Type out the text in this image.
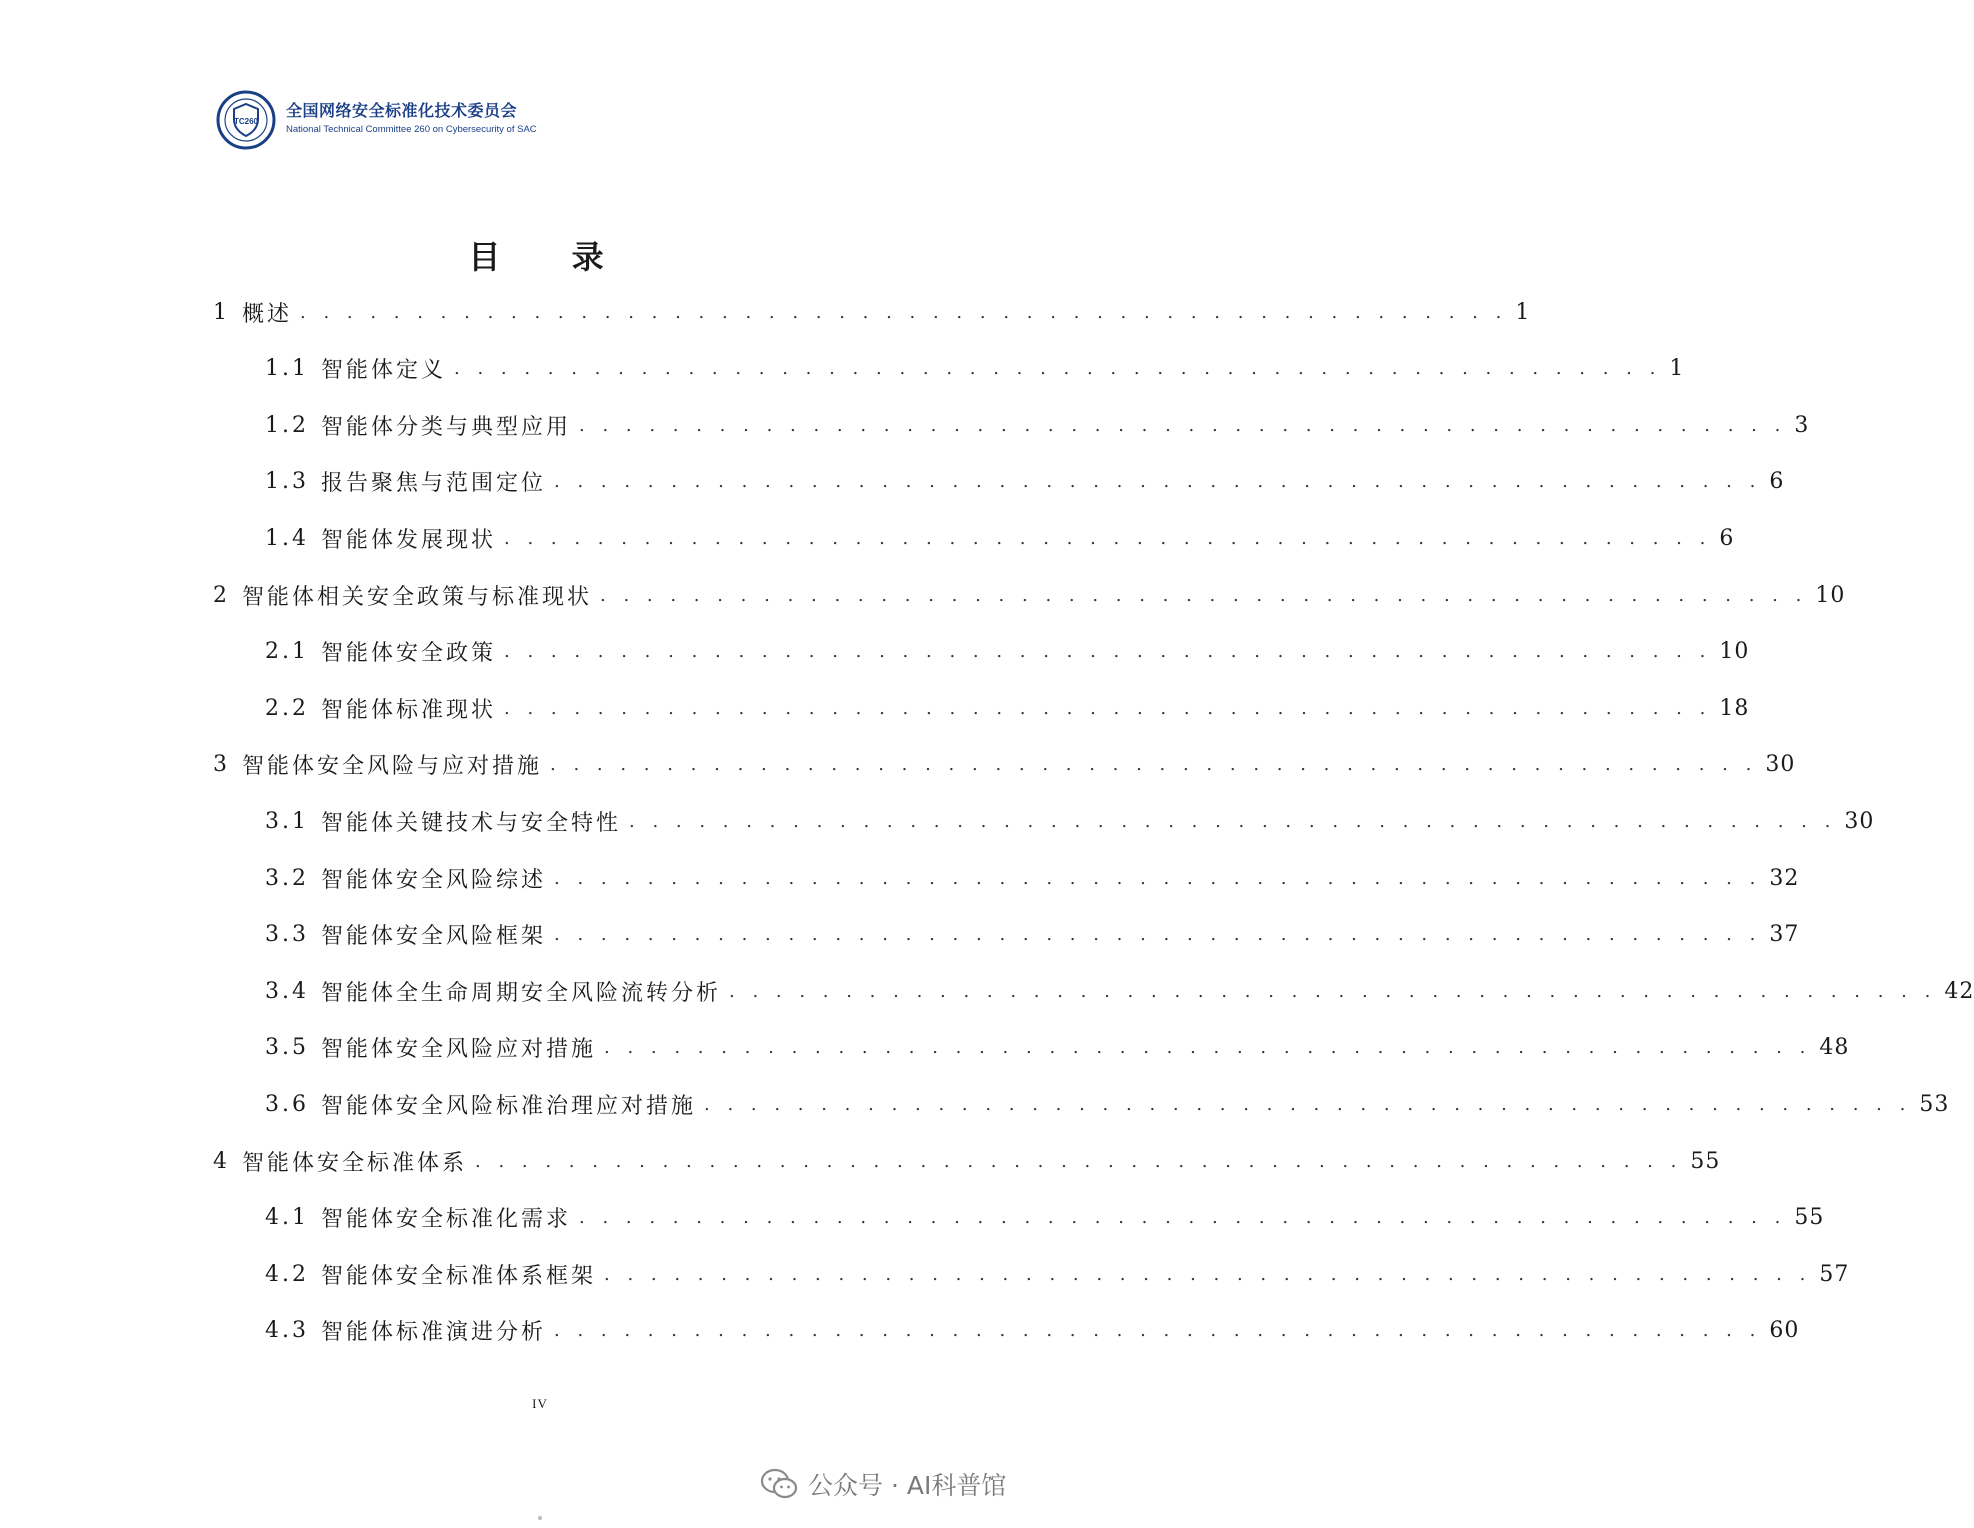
TC260
全国网络安全标准化技术委员会
National Technical Committee 260 on Cybersecurity of SAC
目 录
1 概述 . . . . . . . . . . . . . . . . . . . . . . . . . . . . . . . . . . . . . . . . . . . . . . . . . . . . 1
1.1 智能体定义 . . . . . . . . . . . . . . . . . . . . . . . . . . . . . . . . . . . . . . . . . . . . . . . . . . . . 1
1.2 智能体分类与典型应用 . . . . . . . . . . . . . . . . . . . . . . . . . . . . . . . . . . . . . . . . . . . . . . . . . . . . 3
1.3 报告聚焦与范围定位 . . . . . . . . . . . . . . . . . . . . . . . . . . . . . . . . . . . . . . . . . . . . . . . . . . . . 6
1.4 智能体发展现状 . . . . . . . . . . . . . . . . . . . . . . . . . . . . . . . . . . . . . . . . . . . . . . . . . . . . 6
2 智能体相关安全政策与标准现状 . . . . . . . . . . . . . . . . . . . . . . . . . . . . . . . . . . . . . . . . . . . . . . . . . . . . 10
2.1 智能体安全政策 . . . . . . . . . . . . . . . . . . . . . . . . . . . . . . . . . . . . . . . . . . . . . . . . . . . . 10
2.2 智能体标准现状 . . . . . . . . . . . . . . . . . . . . . . . . . . . . . . . . . . . . . . . . . . . . . . . . . . . . 18
3 智能体安全风险与应对措施 . . . . . . . . . . . . . . . . . . . . . . . . . . . . . . . . . . . . . . . . . . . . . . . . . . . . 30
3.1 智能体关键技术与安全特性 . . . . . . . . . . . . . . . . . . . . . . . . . . . . . . . . . . . . . . . . . . . . . . . . . . . . 30
3.2 智能体安全风险综述 . . . . . . . . . . . . . . . . . . . . . . . . . . . . . . . . . . . . . . . . . . . . . . . . . . . . 32
3.3 智能体安全风险框架 . . . . . . . . . . . . . . . . . . . . . . . . . . . . . . . . . . . . . . . . . . . . . . . . . . . . 37
3.4 智能体全生命周期安全风险流转分析 . . . . . . . . . . . . . . . . . . . . . . . . . . . . . . . . . . . . . . . . . . . . . . . . . . . . 42
3.5 智能体安全风险应对措施 . . . . . . . . . . . . . . . . . . . . . . . . . . . . . . . . . . . . . . . . . . . . . . . . . . . . 48
3.6 智能体安全风险标准治理应对措施 . . . . . . . . . . . . . . . . . . . . . . . . . . . . . . . . . . . . . . . . . . . . . . . . . . . . 53
4 智能体安全标准体系 . . . . . . . . . . . . . . . . . . . . . . . . . . . . . . . . . . . . . . . . . . . . . . . . . . . . 55
4.1 智能体安全标准化需求 . . . . . . . . . . . . . . . . . . . . . . . . . . . . . . . . . . . . . . . . . . . . . . . . . . . . 55
4.2 智能体安全标准体系框架 . . . . . . . . . . . . . . . . . . . . . . . . . . . . . . . . . . . . . . . . . . . . . . . . . . . . 57
4.3 智能体标准演进分析 . . . . . . . . . . . . . . . . . . . . . . . . . . . . . . . . . . . . . . . . . . . . . . . . . . . . 60
IV
公众号 · AI科普馆
